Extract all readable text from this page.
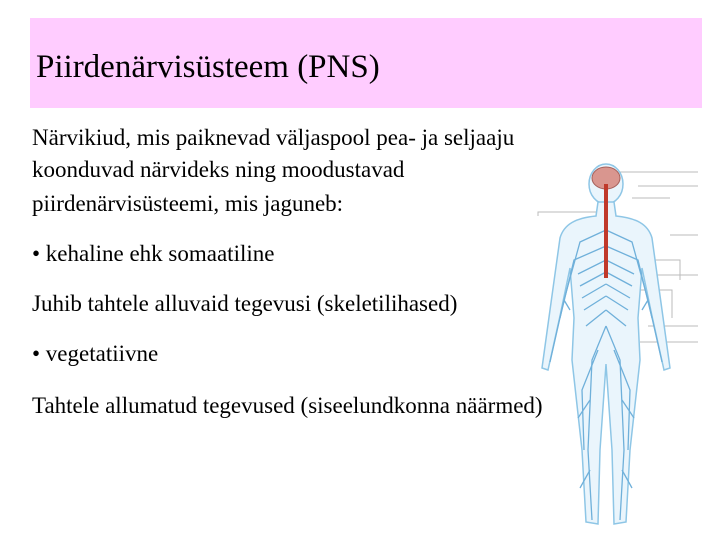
Piirdenärvisüsteem (PNS)
Närvikiud, mis paiknevad väljaspool pea- ja seljaaju
koonduvad närvideks ning moodustavad
piirdenärvisüsteemi, mis jaguneb:
• kehaline ehk somaatiline
Juhib tahtele alluvaid tegevusi (skeletilihased)
• vegetatiivne
Tahtele allumatud tegevused (siseelundkonna näärmed)
